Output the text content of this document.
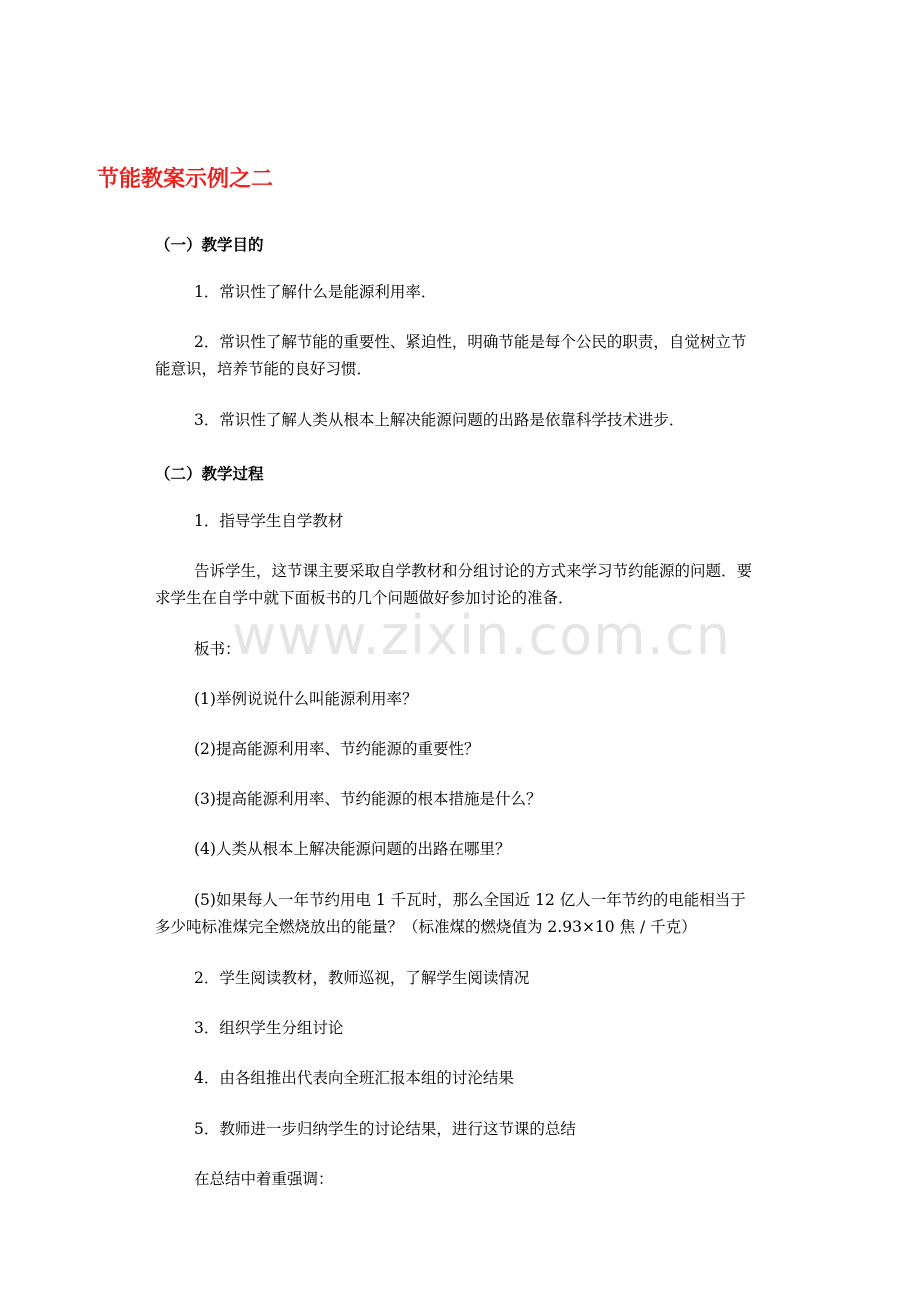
节能教案示例之二
（一）教学目的
1．常识性了解什么是能源利用率．
2．常识性了解节能的重要性、紧迫性，明确节能是每个公民的职责，自觉树立节
能意识，培养节能的良好习惯．
3．常识性了解人类从根本上解决能源问题的出路是依靠科学技术进步．
（二）教学过程
1．指导学生自学教材
告诉学生，这节课主要采取自学教材和分组讨论的方式来学习节约能源的问题．要
求学生在自学中就下面板书的几个问题做好参加讨论的准备．
板书：
(1)举例说说什么叫能源利用率？
(2)提高能源利用率、节约能源的重要性？
(3)提高能源利用率、节约能源的根本措施是什么？
(4)人类从根本上解决能源问题的出路在哪里？
(5)如果每人一年节约用电 1 千瓦时，那么全国近 12 亿人一年节约的电能相当于
多少吨标准煤完全燃烧放出的能量？（标准煤的燃烧值为 2.93×10 焦 / 千克）
2．学生阅读教材，教师巡视，了解学生阅读情况
3．组织学生分组讨论
4．由各组推出代表向全班汇报本组的讨沦结果
5．教师进一步归纳学生的讨论结果，进行这节课的总结
在总结中着重强调：
www.zixin.com.cn
